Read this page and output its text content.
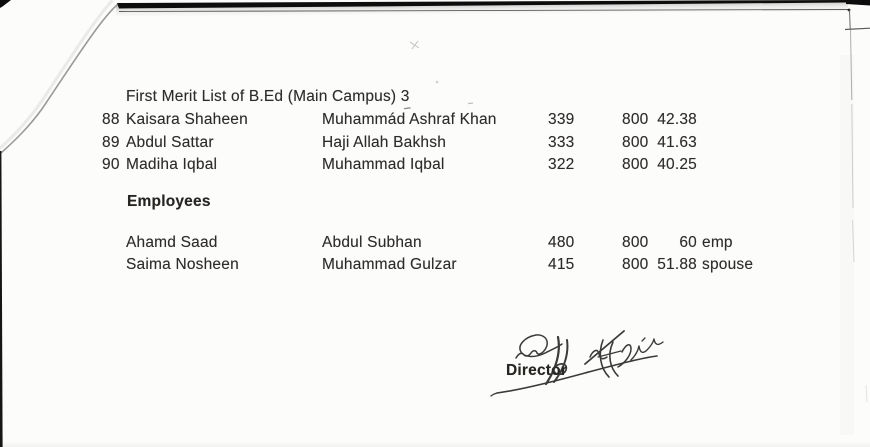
First Merit List of B.Ed (Main Campus) 3
88 Kaisara Shaheen	Muhammád Ashraf Khan	339	800 42.38
89 Abdul Sattar	Haji Allah Bakhsh	333	800 41.63
90 Madiha Iqbal	Muhammad Iqbal	322	800 40.25
Employees
Ahamd Saad	Abdul Subhan	480	800	60 emp
Saima Nosheen	Muhammad Gulzar	415	800 51.88 spouse
Director
